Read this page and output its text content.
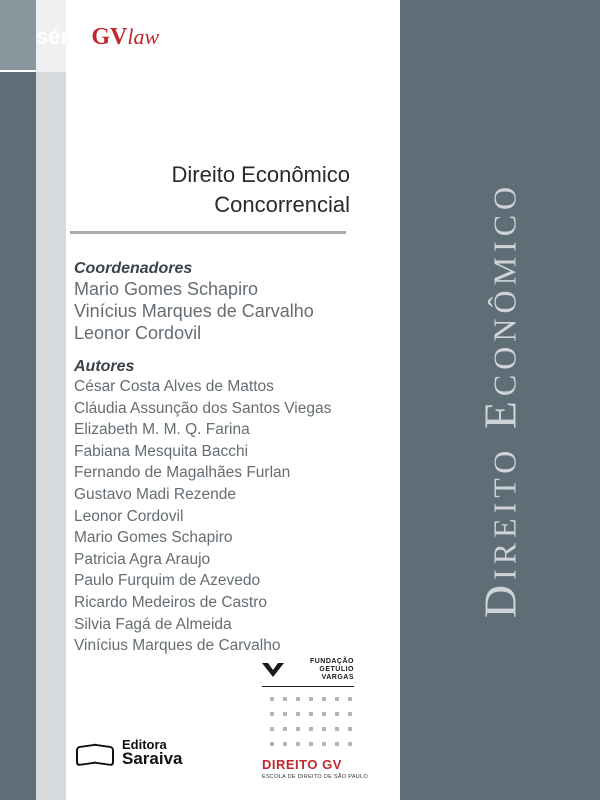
série GV law
Direito Econômico
Concorrencial
Coordenadores
Mario Gomes Schapiro
Vinícius Marques de Carvalho
Leonor Cordovil
Autores
César Costa Alves de Mattos
Cláudia Assunção dos Santos Viegas
Elizabeth M. M. Q. Farina
Fabiana Mesquita Bacchi
Fernando de Magalhães Furlan
Gustavo Madi Rezende
Leonor Cordovil
Mario Gomes Schapiro
Patricia Agra Araujo
Paulo Furquim de Azevedo
Ricardo Medeiros de Castro
Silvia Fagá de Almeida
Vinícius Marques de Carvalho
Direito Econômico
Editora
Saraiva
FUNDAÇÃO
GETULIO VARGAS
DIREITO GV
ESCOLA DE DIREITO DE SÃO PAULO
